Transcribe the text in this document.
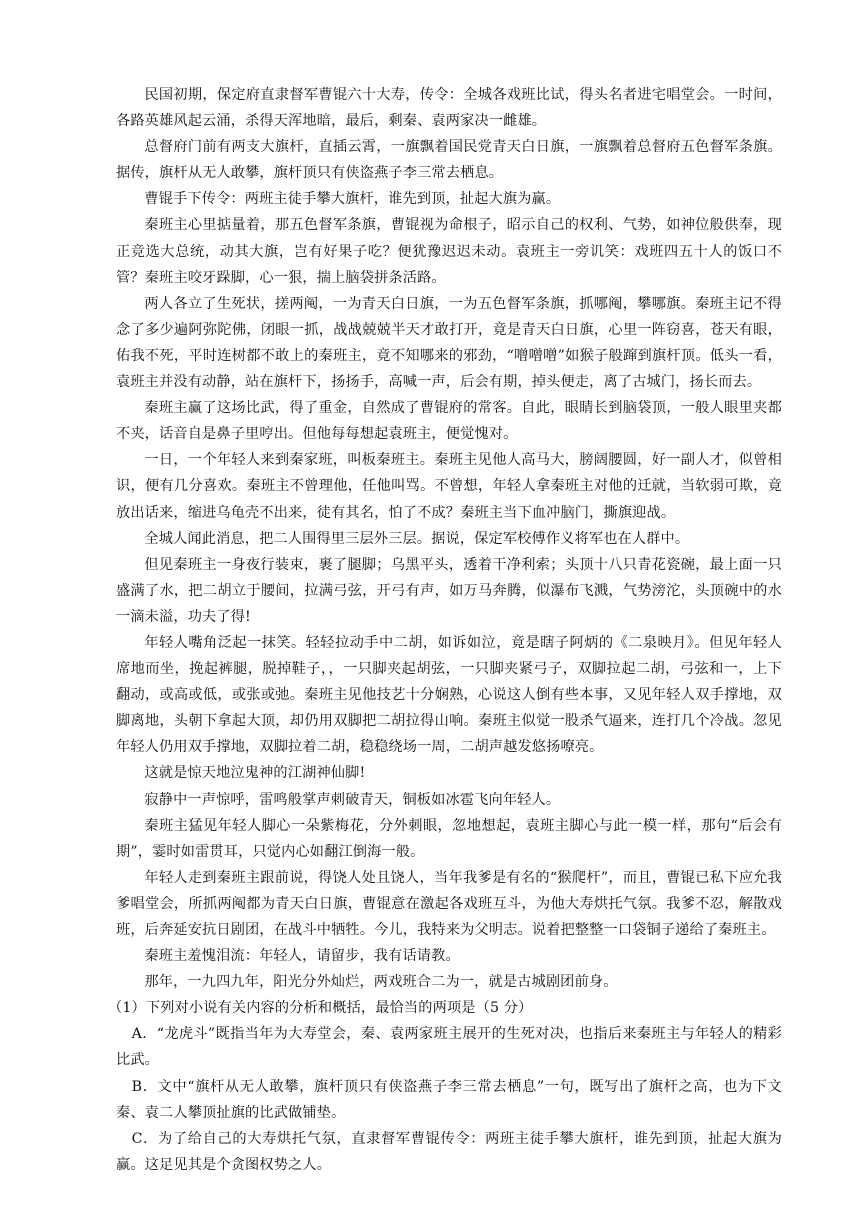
民国初期，保定府直隶督军曹锟六十大寿，传令：全城各戏班比试，得头名者进宅唱堂会。一时间，各路英雄风起云涌，杀得天浑地暗，最后，剩秦、袁两家决一雌雄。

总督府门前有两支大旗杆，直插云霄，一旗飘着国民党青天白日旗，一旗飘着总督府五色督军条旗。据传，旗杆从无人敢攀，旗杆顶只有侠盗燕子李三常去栖息。

曹锟手下传令：两班主徒手攀大旗杆，谁先到顶，扯起大旗为赢。

秦班主心里掂量着，那五色督军条旗，曹锟视为命根子，昭示自己的权利、气势，如神位般供奉，现正竞选大总统，动其大旗，岂有好果子吃？便犹豫迟迟未动。袁班主一旁讥笑：戏班四五十人的饭口不管？秦班主咬牙跺脚，心一狠，揣上脑袋拼条活路。

两人各立了生死状，搓两阄，一为青天白日旗，一为五色督军条旗，抓哪阄，攀哪旗。秦班主记不得念了多少遍阿弥陀佛，闭眼一抓，战战兢兢半天才敢打开，竟是青天白日旗，心里一阵窃喜，苍天有眼，佑我不死，平时连树都不敢上的秦班主，竟不知哪来的邪劲，“噌噌噌”如猴子般蹿到旗杆顶。低头一看，袁班主并没有动静，站在旗杆下，扬扬手，高喊一声，后会有期，掉头便走，离了古城门，扬长而去。

秦班主赢了这场比武，得了重金，自然成了曹锟府的常客。自此，眼睛长到脑袋顶，一般人眼里夹都不夹，话音自是鼻子里哼出。但他每每想起袁班主，便觉愧对。

一日，一个年轻人来到秦家班，叫板秦班主。秦班主见他人高马大，膀阔腰圆，好一副人才，似曾相识，便有几分喜欢。秦班主不曾理他，任他叫骂。不曾想，年轻人拿秦班主对他的迁就，当软弱可欺，竟放出话来，缩进乌龟壳不出来，徒有其名，怕了不成？秦班主当下血冲脑门，撕旗迎战。

全城人闻此消息，把二人围得里三层外三层。据说，保定军校傅作义将军也在人群中。

但见秦班主一身夜行装束，裹了腿脚；乌黑平头，透着干净利索；头顶十八只青花瓷碗，最上面一只盛满了水，把二胡立于腰间，拉满弓弦，开弓有声，如万马奔腾，似瀑布飞溅，气势滂沱，头顶碗中的水一滴未溢，功夫了得!

年轻人嘴角泛起一抹笑。轻轻拉动手中二胡，如诉如泣，竟是瞎子阿炳的《二泉映月》。但见年轻人席地而坐，挽起裤腿，脱掉鞋子，，一只脚夹起胡弦，一只脚夹紧弓子，双脚拉起二胡，弓弦和一，上下翻动，或高或低，或张或弛。秦班主见他技艺十分娴熟，心说这人倒有些本事，又见年轻人双手撑地，双脚离地，头朝下拿起大顶，却仍用双脚把二胡拉得山响。秦班主似觉一股杀气逼来，连打几个冷战。忽见年轻人仍用双手撑地，双脚拉着二胡，稳稳绕场一周，二胡声越发悠扬嘹亮。

这就是惊天地泣鬼神的江湖神仙脚!

寂静中一声惊呼，雷鸣般掌声刺破青天，铜板如冰雹飞向年轻人。

秦班主猛见年轻人脚心一朵紫梅花，分外刺眼，忽地想起，袁班主脚心与此一模一样，那句“后会有期”，霎时如雷贯耳，只觉内心如翻江倒海一般。

年轻人走到秦班主跟前说，得饶人处且饶人，当年我爹是有名的“猴爬杆”，而且，曹锟已私下应允我爹唱堂会，所抓两阄都为青天白日旗，曹锟意在激起各戏班互斗，为他大寿烘托气氛。我爹不忍，解散戏班，后奔延安抗日剧团，在战斗中牺牲。今儿，我特来为父明志。说着把整整一口袋铜子递给了秦班主。

秦班主羞愧泪流：年轻人，请留步，我有话请教。

那年，一九四九年，阳光分外灿烂，两戏班合二为一，就是古城剧团前身。

（1）下列对小说有关内容的分析和概括，最恰当的两项是（5 分）

A．“龙虎斗”既指当年为大寿堂会，秦、袁两家班主展开的生死对决，也指后来秦班主与年轻人的精彩比武。

B．文中“旗杆从无人敢攀，旗杆顶只有侠盗燕子李三常去栖息”一句，既写出了旗杆之高，也为下文秦、袁二人攀顶扯旗的比武做铺垫。

C．为了给自己的大寿烘托气氛，直隶督军曹锟传令：两班主徒手攀大旗杆，谁先到顶，扯起大旗为赢。这足见其是个贪图权势之人。
